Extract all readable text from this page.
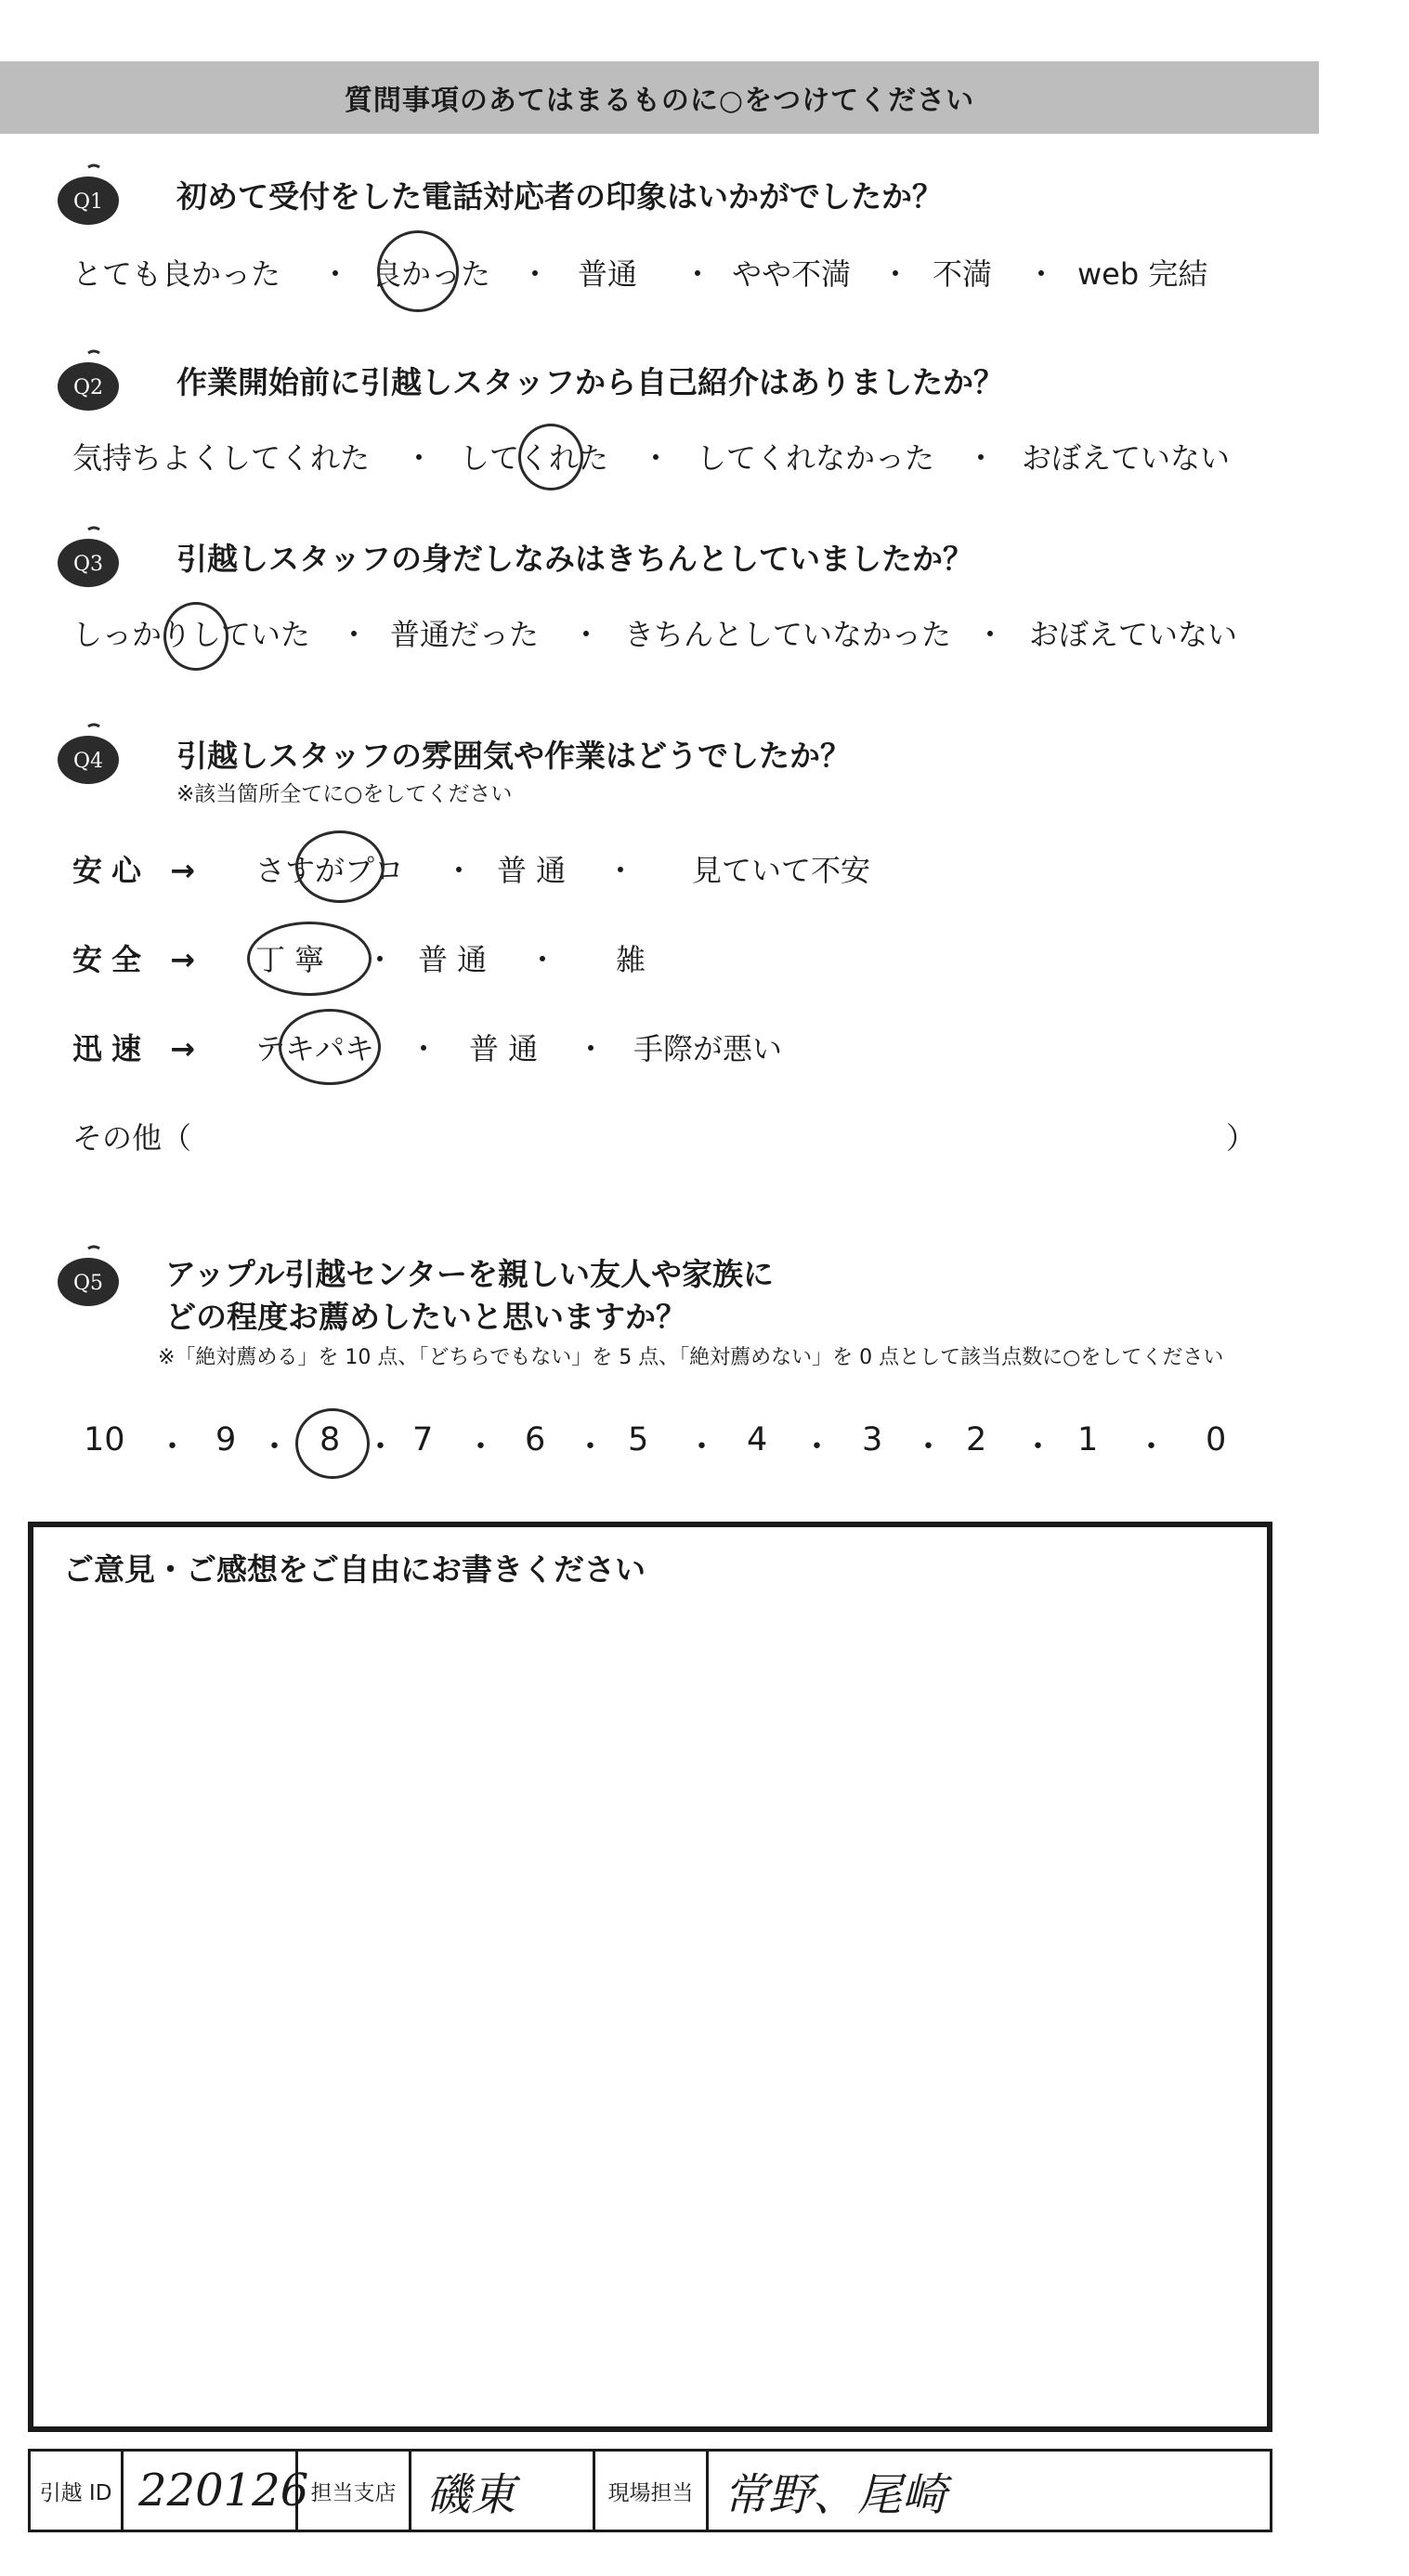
質問事項のあてはまるものに○をつけてください
Q1 初めて受付をした電話対応者の印象はいかがでしたか？
とても良かった ・ 良かった ・ 普通 ・ やや不満 ・ 不満 ・ web 完結
Q2 作業開始前に引越しスタッフから自己紹介はありましたか？
気持ちよくしてくれた ・ してくれた ・ してくれなかった ・ おぼえていない
Q3 引越しスタッフの身だしなみはきちんとしていましたか？
しっかりしていた ・ 普通だった ・ きちんとしていなかった ・ おぼえていない
Q4 引越しスタッフの雰囲気や作業はどうでしたか？
※該当箇所全てに○をしてください
安心 → さすがプロ ・ 普 通 ・ 見ていて不安
安全 → 丁 寧 ・ 普 通 ・ 雑
迅速 → テキパキ ・ 普 通 ・ 手際が悪い
その他（	）
Q5 アップル引越センターを親しい友人や家族に
どの程度お薦めしたいと思いますか？
※「絶対薦める」を 10 点、「どちらでもない」を 5 点、「絶対薦めない」を 0 点として該当点数に○をしてください
10 ・ 9 ・ 8 ・ 7 ・ 6 ・ 5 ・ 4 ・ 3 ・ 2 ・ 1 ・ 0
ご意見・ご感想をご自由にお書きください
引越 ID 220126 担当支店 磯東	現場担当 常野、尾崎
